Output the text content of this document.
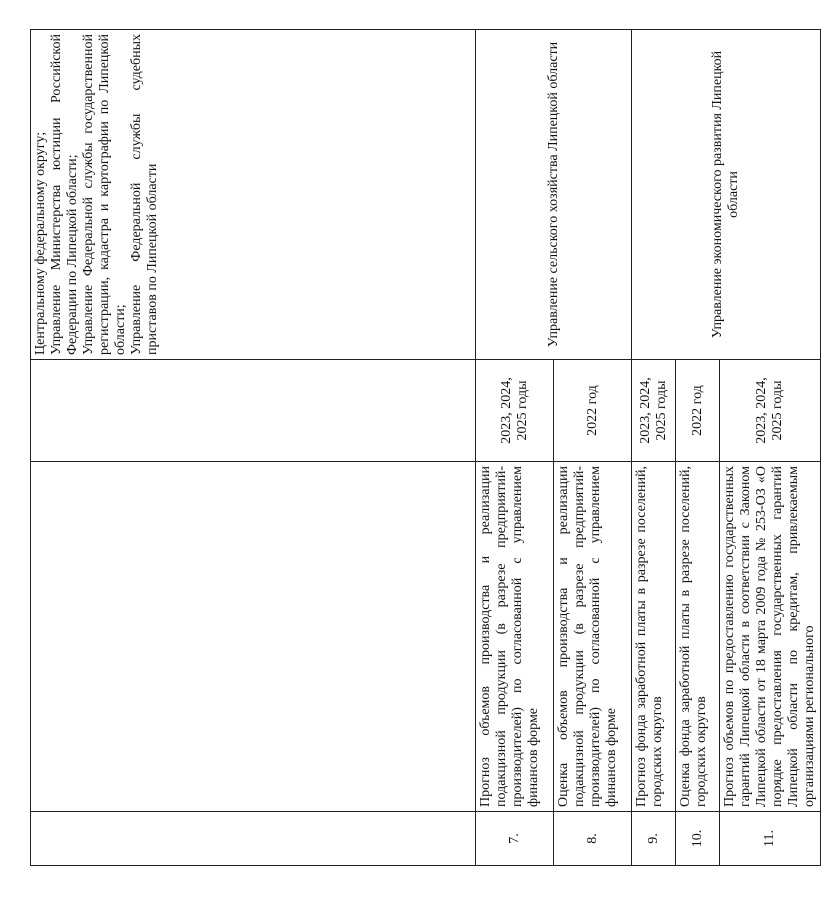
			Центральному федеральному округу;
Управление Министерства юстиции Российской Федерации по Липецкой области;
Управление Федеральной службы государственной регистрации, кадастра и картографии по Липецкой области;
Управление Федеральной службы судебных приставов по Липецкой области
7.	Прогноз объемов производства и реализации подакцизной продукции (в разрезе предприятий-производителей) по согласованной с управлением финансов форме	2023, 2024, 2025 годы	Управление сельского хозяйства Липецкой области
8.	Оценка объемов производства и реализации подакцизной продукции (в разрезе предприятий-производителей) по согласованной с управлением финансов форме	2022 год	
9.	Прогноз фонда заработной платы в разрезе поселений, городских округов	2023, 2024, 2025 годы	Управление экономического развития Липецкой области
10.	Оценка фонда заработной платы в разрезе поселений, городских округов	2022 год	
11.	Прогноз объемов по предоставлению государственных гарантий Липецкой области в соответствии с Законом Липецкой области от 18 марта 2009 года № 253-ОЗ «О порядке предоставления государственных гарантий Липецкой области по кредитам, привлекаемым организациями регионального	2023, 2024, 2025 годы	
